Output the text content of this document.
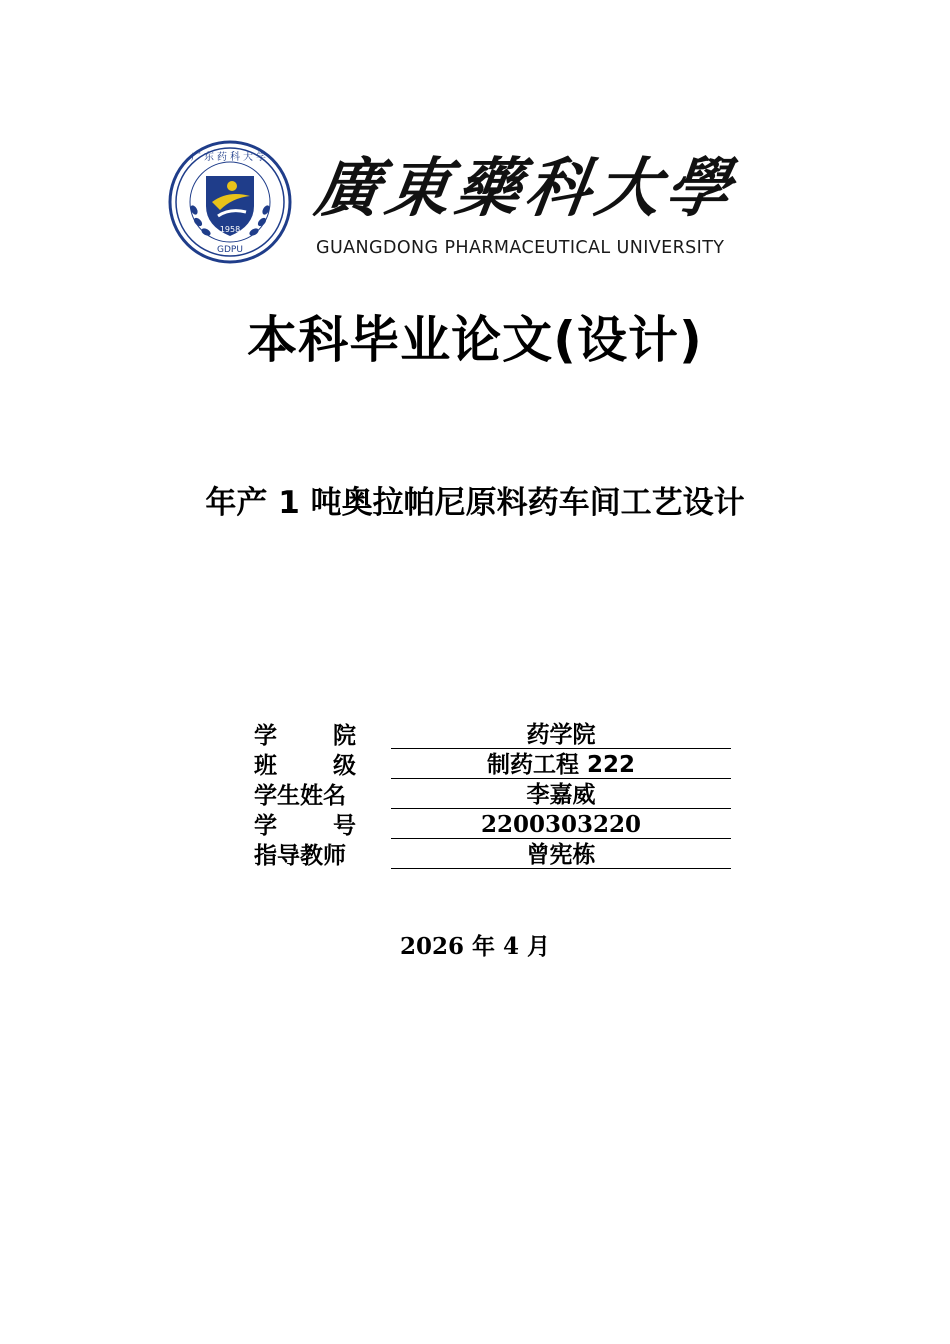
1958
GDPU
广东药科大学 廣東藥科大學
GUANGDONG PHARMACEUTICAL UNIVERSITY
本科毕业论文(设计)
年产 1 吨奥拉帕尼原料药车间工艺设计
学 院	药学院
班 级	制药工程 222
学生姓名	李嘉威
学 号	2200303220
指导教师	曾宪栋
2026 年 4 月
